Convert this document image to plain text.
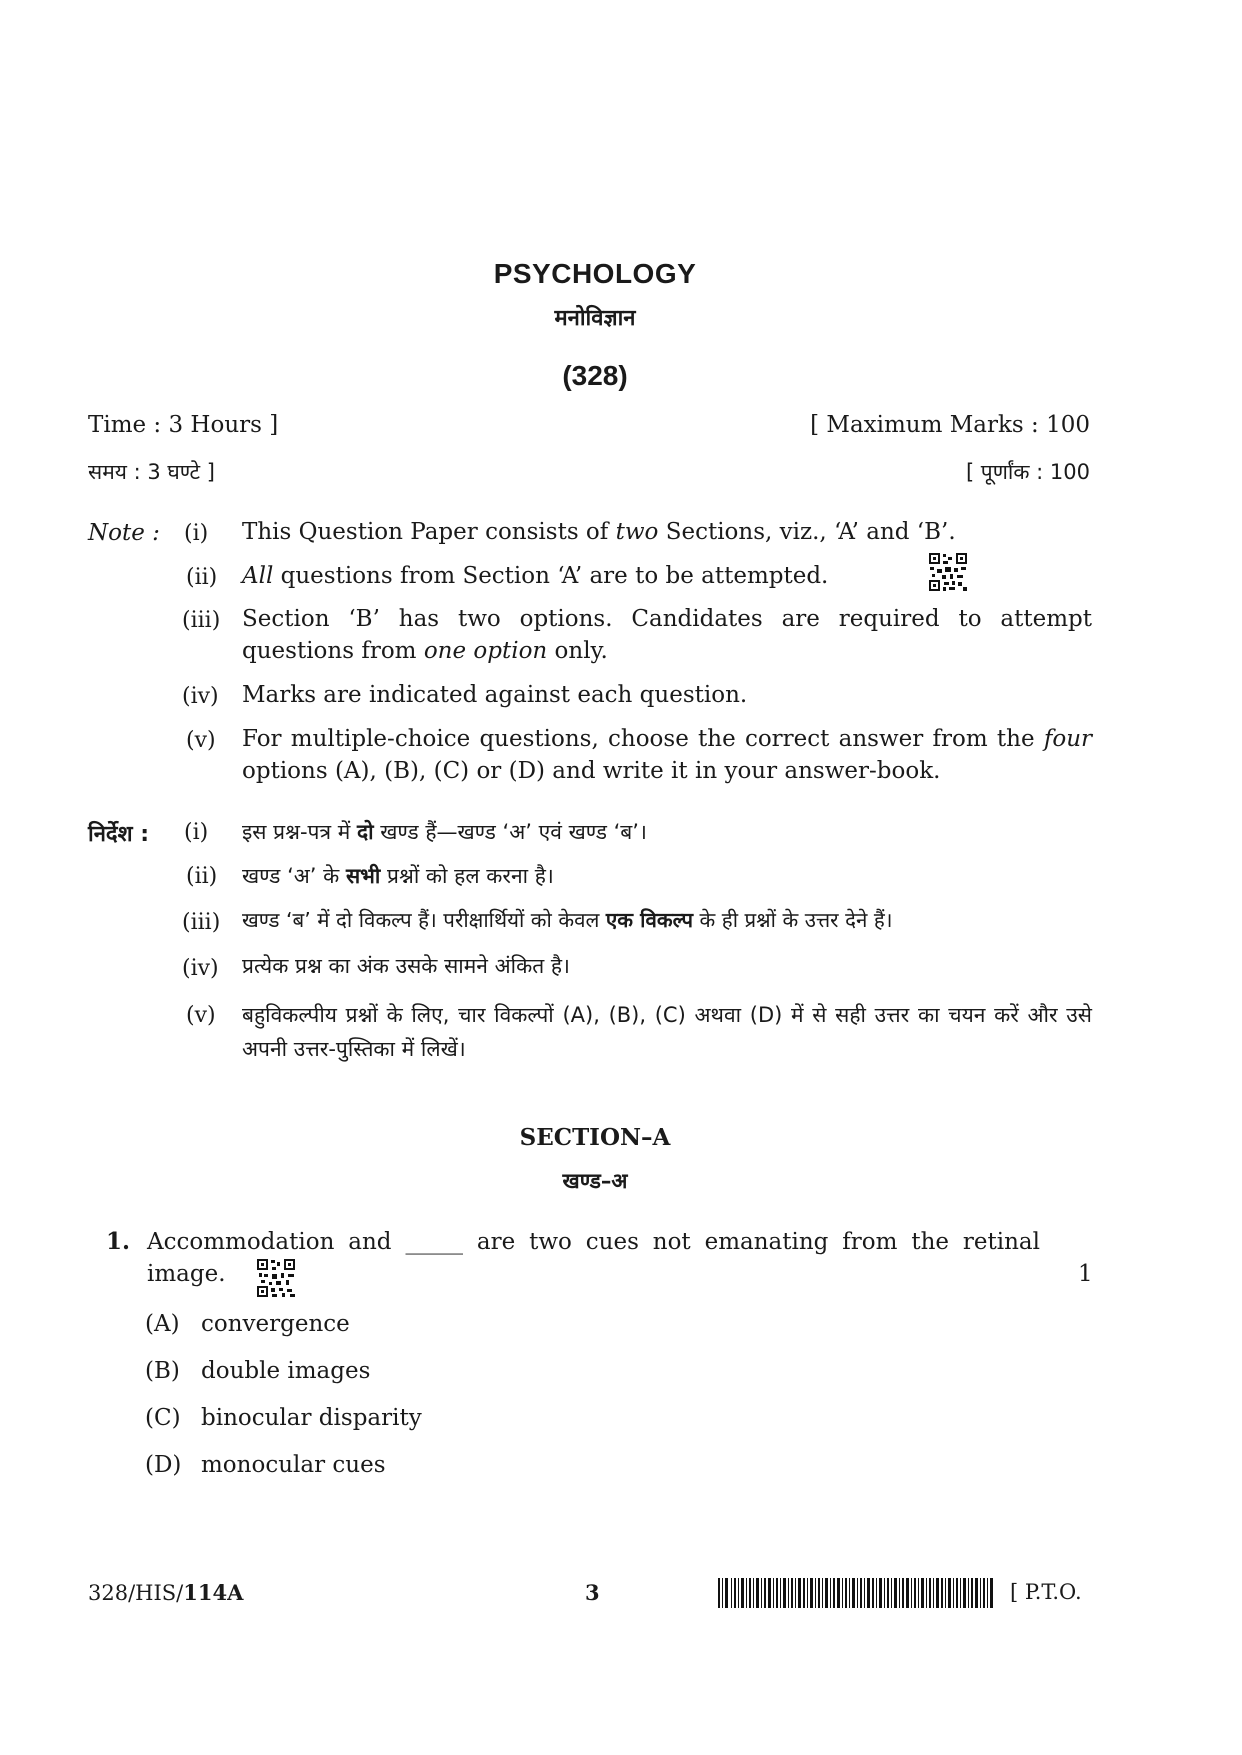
PSYCHOLOGY
मनोविज्ञान
(328)
Time : 3 Hours ]	[ Maximum Marks : 100
समय : 3 घण्टे ]	[ पूर्णांक : 100
Note : (i) This Question Paper consists of two Sections, viz., ‘A’ and ‘B’.
(ii) All questions from Section ‘A’ are to be attempted.
(iii) Section ‘B’ has two options. Candidates are required to attempt questions from one option only.
(iv) Marks are indicated against each question.
(v) For multiple-choice questions, choose the correct answer from the four options (A), (B), (C) or (D) and write it in your answer-book.
निर्देश : (i) इस प्रश्न-पत्र में दो खण्ड हैं—खण्ड ‘अ’ एवं खण्ड ‘ब’।
(ii) खण्ड ‘अ’ के सभी प्रश्नों को हल करना है।
(iii) खण्ड ‘ब’ में दो विकल्प हैं। परीक्षार्थियों को केवल एक विकल्प के ही प्रश्नों के उत्तर देने हैं।
(iv) प्रत्येक प्रश्न का अंक उसके सामने अंकित है।
(v) बहुविकल्पीय प्रश्नों के लिए, चार विकल्पों (A), (B), (C) अथवा (D) में से सही उत्तर का चयन करें और उसे अपनी उत्तर-पुस्तिका में लिखें।
SECTION–A
खण्ड–अ
1. Accommodation and _____ are two cues not emanating from the retinal image.	1
(A) convergence
(B) double images
(C) binocular disparity
(D) monocular cues
328/HIS/114A	3	[ P.T.O.
